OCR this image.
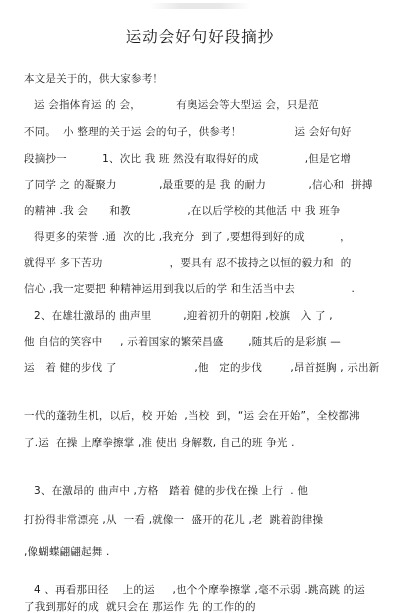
运动会好句好段摘抄
本文是关于的，供大家参考！
运 会指体育运 的 会，          有奥运会等大型运 会，只是范
不同。  小 整理的关于运 会的句子，供参考！               运 会好句好
段摘抄一          1、次比 我 班 然没有取得好的成             ,但是它增
了同学 之 的凝聚力            ,最重要的是 我 的耐力            ,信心和  拼搏
的精神 .我 会      和教                ,在以后学校的其他活 中 我 班争
得更多的荣誉 .通  次的比 ,我充分  到了 ,要想得到好的成          ，
就得平 多下苦功                   ，要具有 忍不拔持之以恒的毅力和  的
信心 ,我一定要把 种精神运用到我以后的学 和生活当中去                .
2、在雄壮激昂的 曲声里         ,迎着初升的朝阳 ,校旗   入 了 ,
他 自信的笑容中     , 示着国家的繁荣昌盛       ,随其后的是彩旗 —
运   着 健的步伐 了                      ,他   定的步伐        ,昂首挺胸 , 示出新
一代的蓬勃生机，以后，校 开始  ,当校  到，“运 会在开始”，全校都沸
了.运  在操 上摩拳擦掌 ,准 使出 身解数, 自己的班 争光 .
3、在激昂的 曲声中 ,方格   踏着 健的步伐在操 上行  . 他
打扮得非常漂亮 ,从  一看 ,就像一  盛开的花儿 ,老  跳着韵律操
,像蝴蝶翩翩起舞 .
4 、再看那田径    上的运     ,也个个摩拳擦掌 ,毫不示弱 .跳高跳 的运
了我到那好的成  就只会在 那运作 先 的工作的的
